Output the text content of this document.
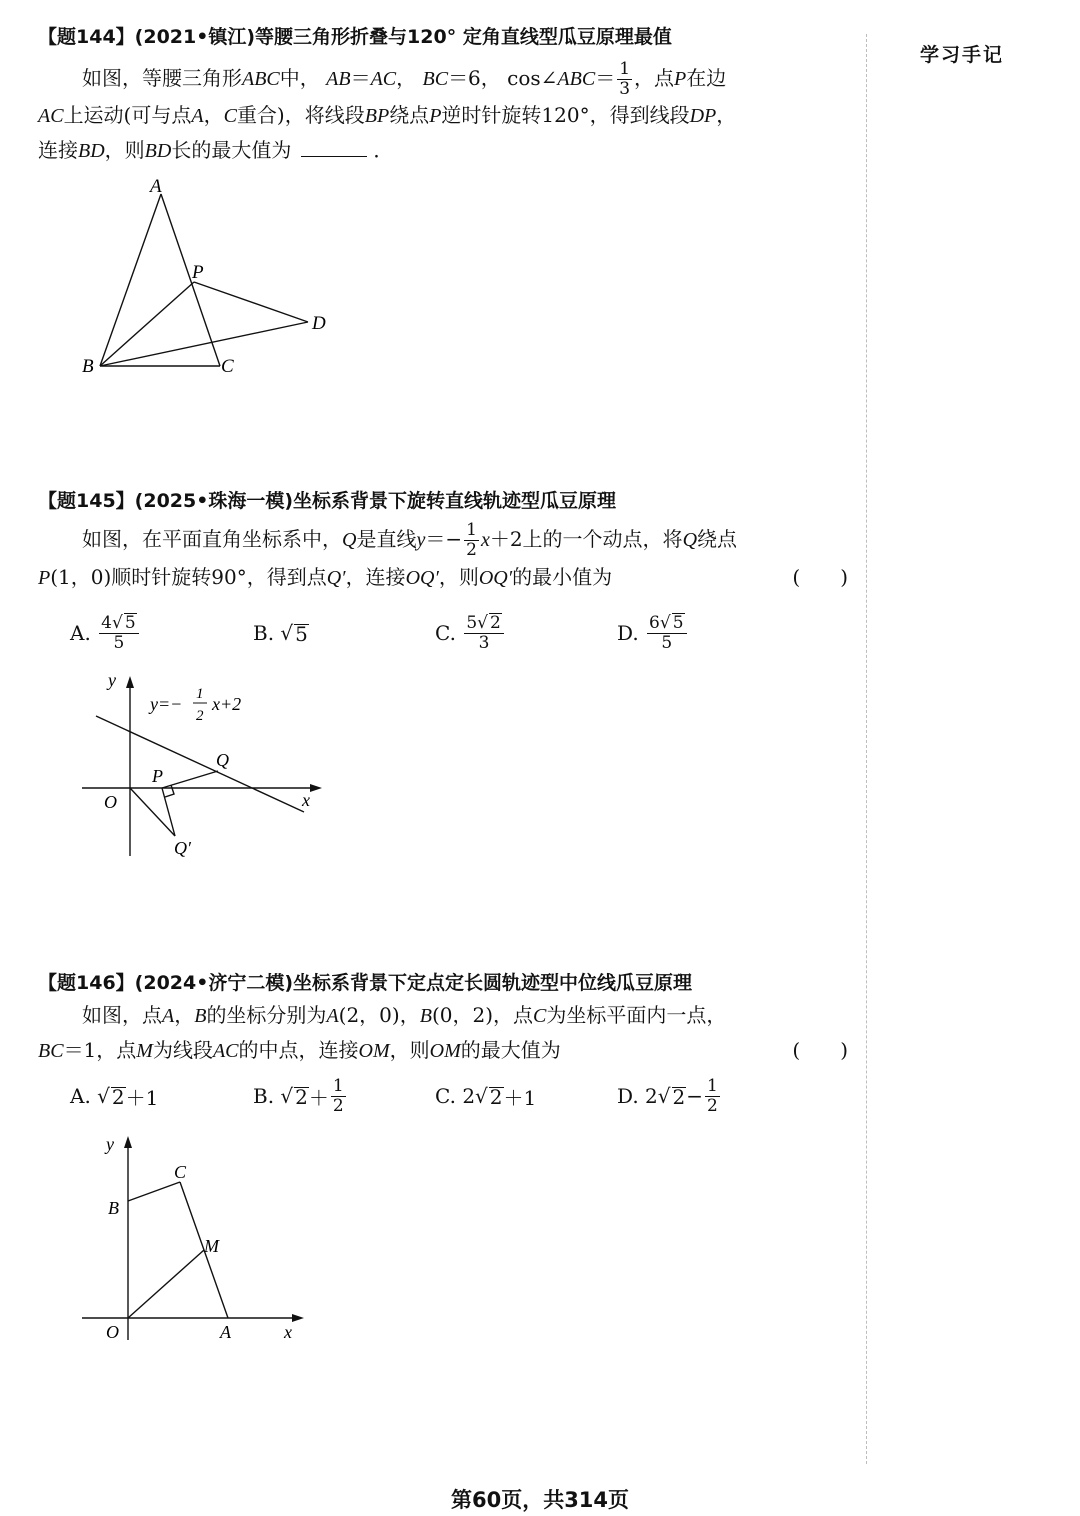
学习手记
【题144】(2021•镇江)等腰三角形折叠与120° 定角直线型瓜豆原理最值
如图，等腰三角形ABC中， AB＝AC， BC＝6， cos∠ABC＝ $\frac{1}{3}$ ，点P在边
AC上运动(可与点A，C重合)，将线段BP绕点P逆时针旋转120°，得到线段DP，
连接BD，则BD长的最大值为	．
A
B	C
P
D
【题145】(2025•珠海一模)坐标系背景下旋转直线轨迹型瓜豆原理
如图，在平面直角坐标系中，Q是直线$y=- \frac{1}{2} x+2$上的一个动点，将Q绕点
P(1，0)顺时针旋转90°，得到点Q′，连接OQ′，则OQ′的最小值为	(　　)
A.
$\frac{4√ 5}{5}$	B.
√ 5	C.
$\frac{5√ 2}{3}$	D.
$\frac{6√ 5}{5}$
y
x
O
P
Q
Q′
y=− 1
2
x+2
【题146】(2024•济宁二模)坐标系背景下定点定长圆轨迹型中位线瓜豆原理
如图，点A，B的坐标分别为A(2，0)，B(0，2)，点C为坐标平面内一点，
BC＝1，点M为线段AC的中点，连接OM，则OM的最大值为	(　　)
A.
√ 2 ＋1	B.
√ $2 + \frac{1}{2}$	C.
2 √ 2 ＋1	D.
2 √ $2 - \frac{1}{2}$
y
x
O	A
B
C
M
第60页，共314页
